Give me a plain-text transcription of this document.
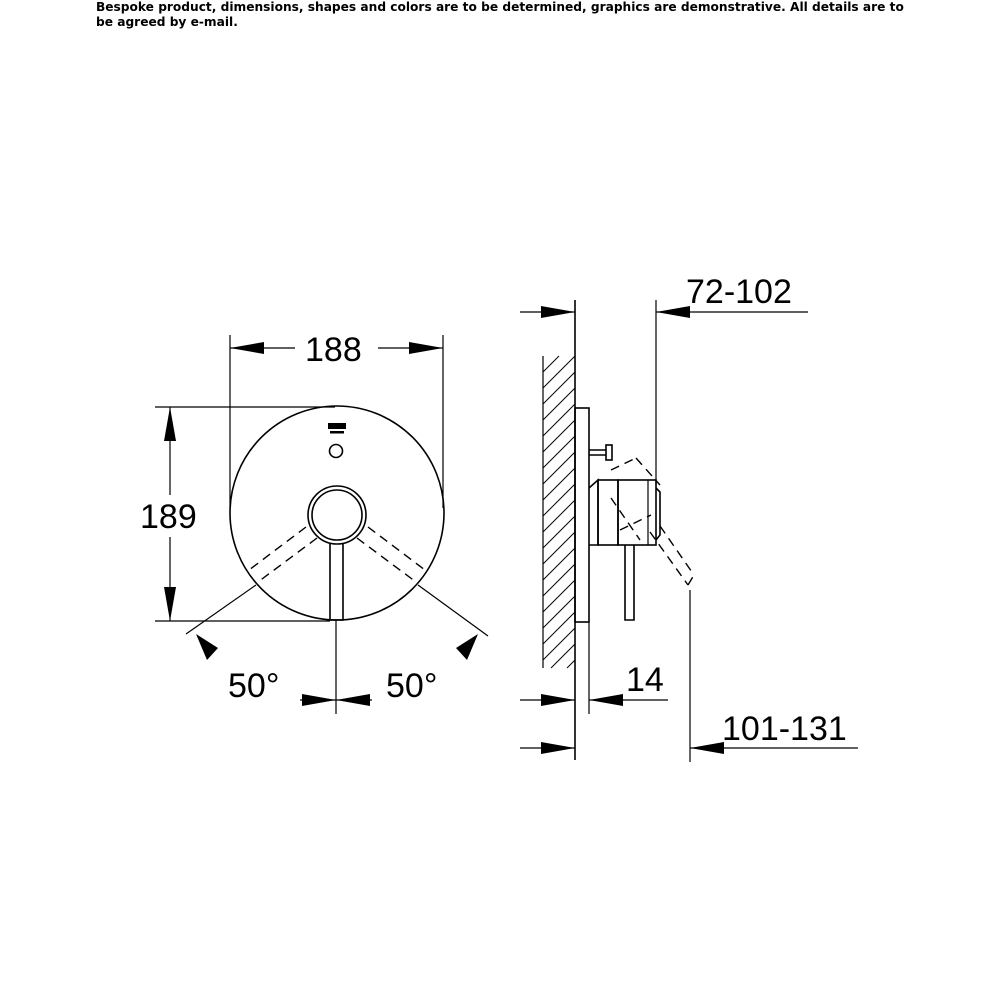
Bespoke product, dimensions, shapes and colors are to be determined, graphics are demonstrative. All details are to be agreed by e-mail.
188
189
50°	50°
72-102
14
101-131
